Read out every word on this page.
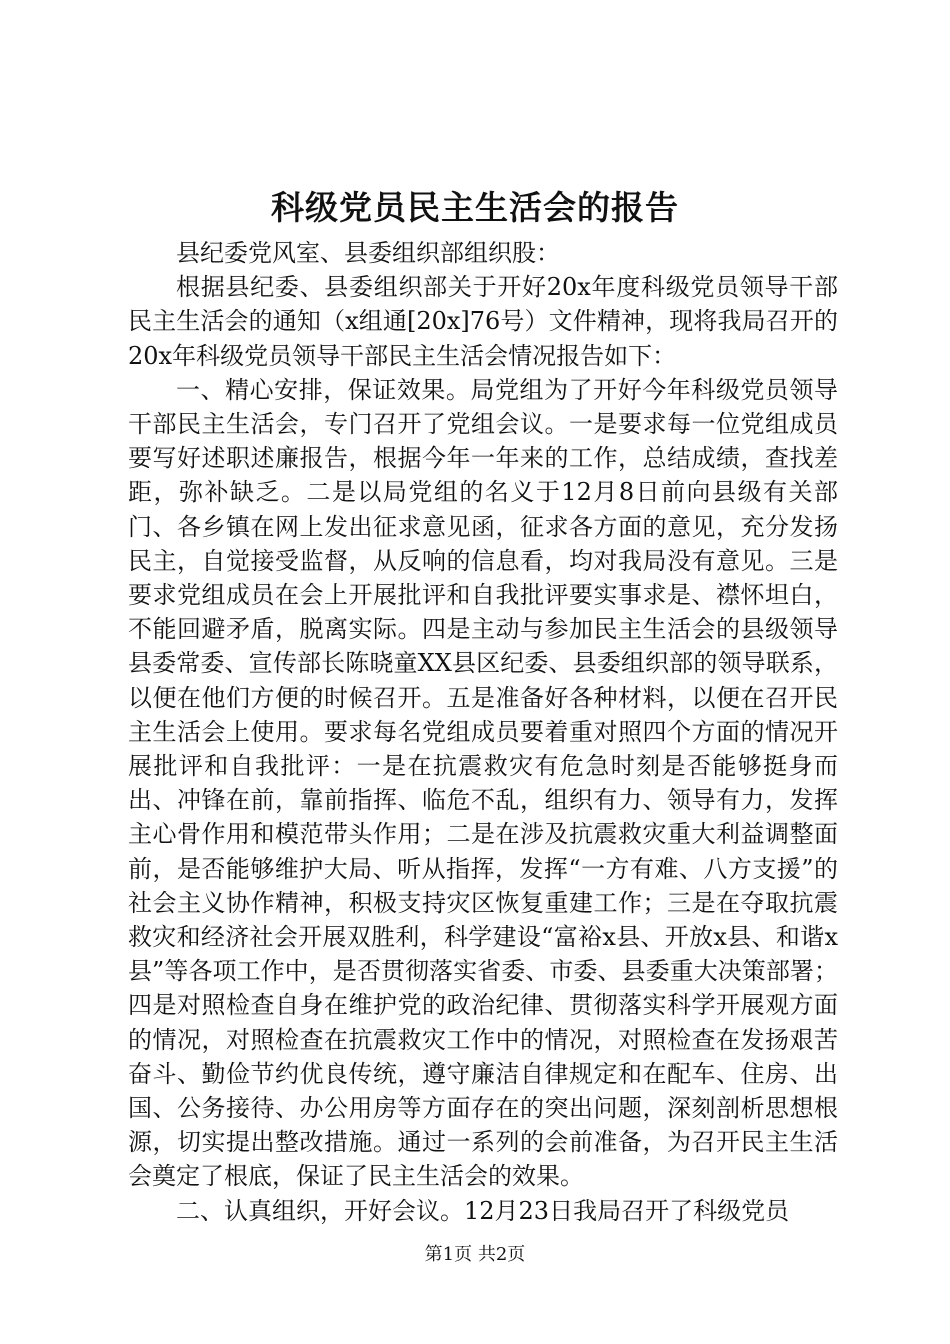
科级党员民主生活会的报告

县纪委党风室、县委组织部组织股：

根据县纪委、县委组织部关于开好20x年度科级党员领导干部民主生活会的通知（x组通[20x]76号）文件精神，现将我局召开的20x年科级党员领导干部民主生活会情况报告如下：

一、精心安排，保证效果。局党组为了开好今年科级党员领导干部民主生活会，专门召开了党组会议。一是要求每一位党组成员要写好述职述廉报告，根据今年一年来的工作，总结成绩，查找差距，弥补缺乏。二是以局党组的名义于12月8日前向县级有关部门、各乡镇在网上发出征求意见函，征求各方面的意见，充分发扬民主，自觉接受监督，从反响的信息看，均对我局没有意见。三是要求党组成员在会上开展批评和自我批评要实事求是、襟怀坦白，不能回避矛盾，脱离实际。四是主动与参加民主生活会的县级领导县委常委、宣传部长陈晓童XX县区纪委、县委组织部的领导联系，以便在他们方便的时候召开。五是准备好各种材料，以便在召开民主生活会上使用。要求每名党组成员要着重对照四个方面的情况开展批评和自我批评：一是在抗震救灾有危急时刻是否能够挺身而出、冲锋在前，靠前指挥、临危不乱，组织有力、领导有力，发挥主心骨作用和模范带头作用；二是在涉及抗震救灾重大利益调整面前，是否能够维护大局、听从指挥，发挥“一方有难、八方支援”的社会主义协作精神，积极支持灾区恢复重建工作；三是在夺取抗震救灾和经济社会开展双胜利，科学建设“富裕x县、开放x县、和谐x县”等各项工作中，是否贯彻落实省委、市委、县委重大决策部署；四是对照检查自身在维护党的政治纪律、贯彻落实科学开展观方面的情况，对照检查在抗震救灾工作中的情况，对照检查在发扬艰苦奋斗、勤俭节约优良传统，遵守廉洁自律规定和在配车、住房、出国、公务接待、办公用房等方面存在的突出问题，深刻剖析思想根源，切实提出整改措施。通过一系列的会前准备，为召开民主生活会奠定了根底，保证了民主生活会的效果。

二、认真组织，开好会议。12月23日我局召开了科级党员

第1页 共2页
